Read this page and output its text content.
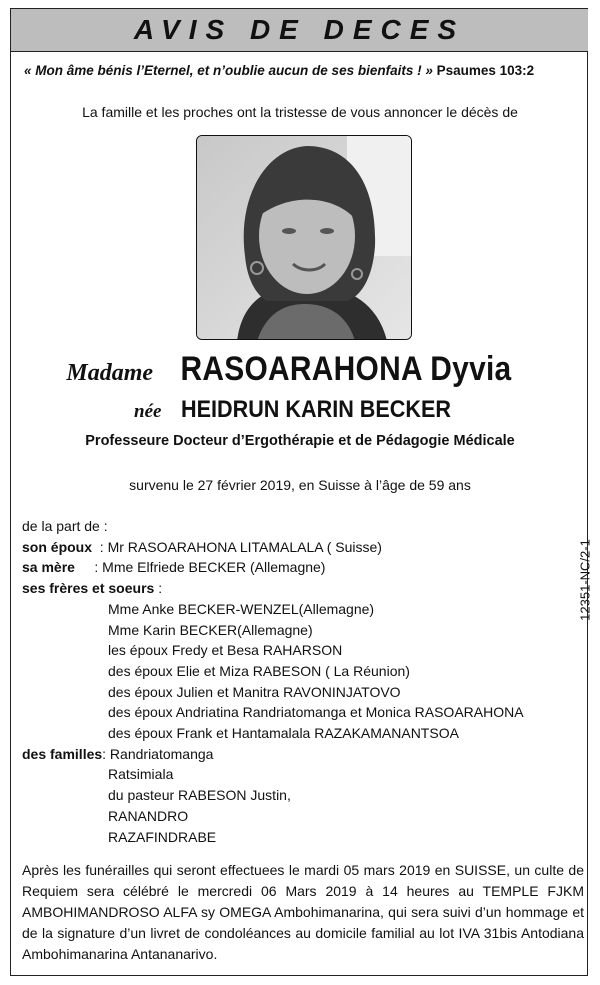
AVIS DE DECES
« Mon âme bénis l’Eternel, et n’oublie aucun de ses bienfaits ! » Psaumes 103:2
La famille et les proches ont la tristesse de vous annoncer le décès de
Madame RASOARAHONA Dyvia
née HEIDRUN KARIN BECKER
Professeure Docteur d’Ergothérapie et de Pédagogie Médicale
survenu le 27 février 2019, en Suisse à l’âge de 59 ans
12351-NC/2-1
de la part de :
son époux : Mr RASOARAHONA LITAMALALA ( Suisse)
sa mère : Mme Elfriede BECKER (Allemagne)
ses frères et soeurs :
Mme Anke BECKER-WENZEL(Allemagne)
Mme Karin BECKER(Allemagne)
les époux Fredy et Besa RAHARSON
des époux Elie et Miza RABESON ( La Réunion)
des époux Julien et Manitra RAVONINJATOVO
des époux Andriatina Randriatomanga et Monica RASOARAHONA
des époux Frank et Hantamalala RAZAKAMANANTSOA
des familles: Randriatomanga
Ratsimiala
du pasteur RABESON Justin,
RANANDRO
RAZAFINDRABE
Après les funérailles qui seront effectuees le mardi 05 mars 2019 en SUISSE, un culte de Requiem sera célébré le mercredi 06 Mars 2019 à 14 heures au TEMPLE FJKM AMBOHIMANDROSO ALFA sy OMEGA Ambohimanarina, qui sera suivi d’un hommage et de la signature d’un livret de condoléances au domicile familial au lot IVA 31bis Antodiana Ambohimanarina Antananarivo.
